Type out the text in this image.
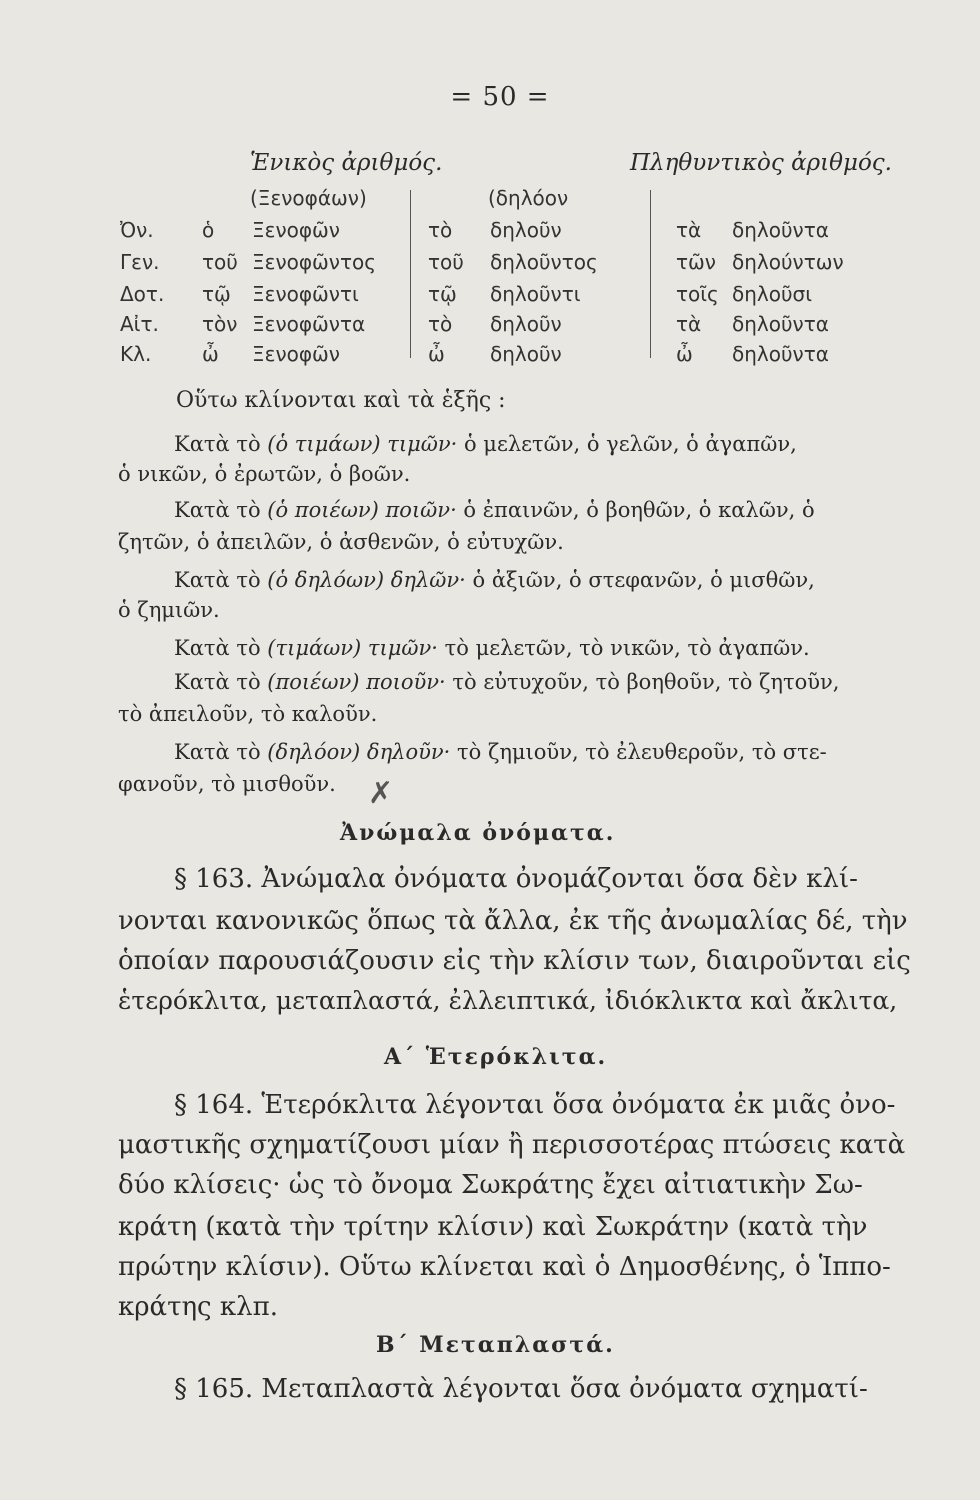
= 50 =
Ἑνικὸς ἀριθμός.	Πληθυντικὸς ἀριθμός.
(Ξενοφάων)	(δηλόον
Ὀν. ὁ Ξενοφῶν	τὸ δηλοῦν	τὰ δηλοῦντα
Γεν. τοῦ Ξενοφῶντος	τοῦ δηλοῦντος	τῶν δηλούντων
Δοτ. τῷ Ξενοφῶντι	τῷ δηλοῦντι	τοῖς δηλοῦσι
Αἰτ. τὸν Ξενοφῶντα	τὸ δηλοῦν	τὰ δηλοῦντα
Κλ.	ὦ Ξενοφῶν	ὦ δηλοῦν	ὦ δηλοῦντα
Οὕτω κλίνονται καὶ τὰ ἑξῆς :
Κατὰ τὸ (ὁ τιμάων) τιμῶν· ὁ μελετῶν, ὁ γελῶν, ὁ ἀγαπῶν,
ὁ νικῶν, ὁ ἐρωτῶν, ὁ βοῶν.
Κατὰ τὸ (ὁ ποιέων) ποιῶν· ὁ ἐπαινῶν, ὁ βοηθῶν, ὁ καλῶν, ὁ
ζητῶν, ὁ ἀπειλῶν, ὁ ἀσθενῶν, ὁ εὐτυχῶν.
Κατὰ τὸ (ὁ δηλόων) δηλῶν· ὁ ἀξιῶν, ὁ στεφανῶν, ὁ μισθῶν,
ὁ ζημιῶν.
Κατὰ τὸ (τιμάων) τιμῶν· τὸ μελετῶν, τὸ νικῶν, τὸ ἀγαπῶν.
Κατὰ τὸ (ποιέων) ποιοῦν· τὸ εὐτυχοῦν, τὸ βοηθοῦν, τὸ ζητοῦν,
τὸ ἀπειλοῦν, τὸ καλοῦν.
Κατὰ τὸ (δηλόον) δηλοῦν· τὸ ζημιοῦν, τὸ ἐλευθεροῦν, τὸ στε-
φανοῦν, τὸ μισθοῦν. ✗
Ἀνώμαλα ὀνόματα.
§ 163. Ἀνώμαλα ὀνόματα ὀνομάζονται ὅσα δὲν κλί-
νονται κανονικῶς ὅπως τὰ ἄλλα, ἐκ τῆς ἀνωμαλίας δέ, τὴν
ὁποίαν παρουσιάζουσιν εἰς τὴν κλίσιν των, διαιροῦνται εἰς
ἑτερόκλιτα, μεταπλαστά, ἐλλειπτικά, ἰδιόκλικτα καὶ ἄκλιτα,
Α΄ Ἑτερόκλιτα.
§ 164. Ἑτερόκλιτα λέγονται ὅσα ὀνόματα ἐκ μιᾶς ὀνο-
μαστικῆς σχηματίζουσι μίαν ἢ περισσοτέρας πτώσεις κατὰ
δύο κλίσεις· ὡς τὸ ὄνομα Σωκράτης ἔχει αἰτιατικὴν Σω-
κράτη (κατὰ τὴν τρίτην κλίσιν) καὶ Σωκράτην (κατὰ τὴν
πρώτην κλίσιν). Οὕτω κλίνεται καὶ ὁ Δημοσθένης, ὁ Ἱππο-
κράτης κλπ.
Β΄ Μεταπλαστά.
§ 165. Μεταπλαστὰ λέγονται ὅσα ὀνόματα σχηματί-
